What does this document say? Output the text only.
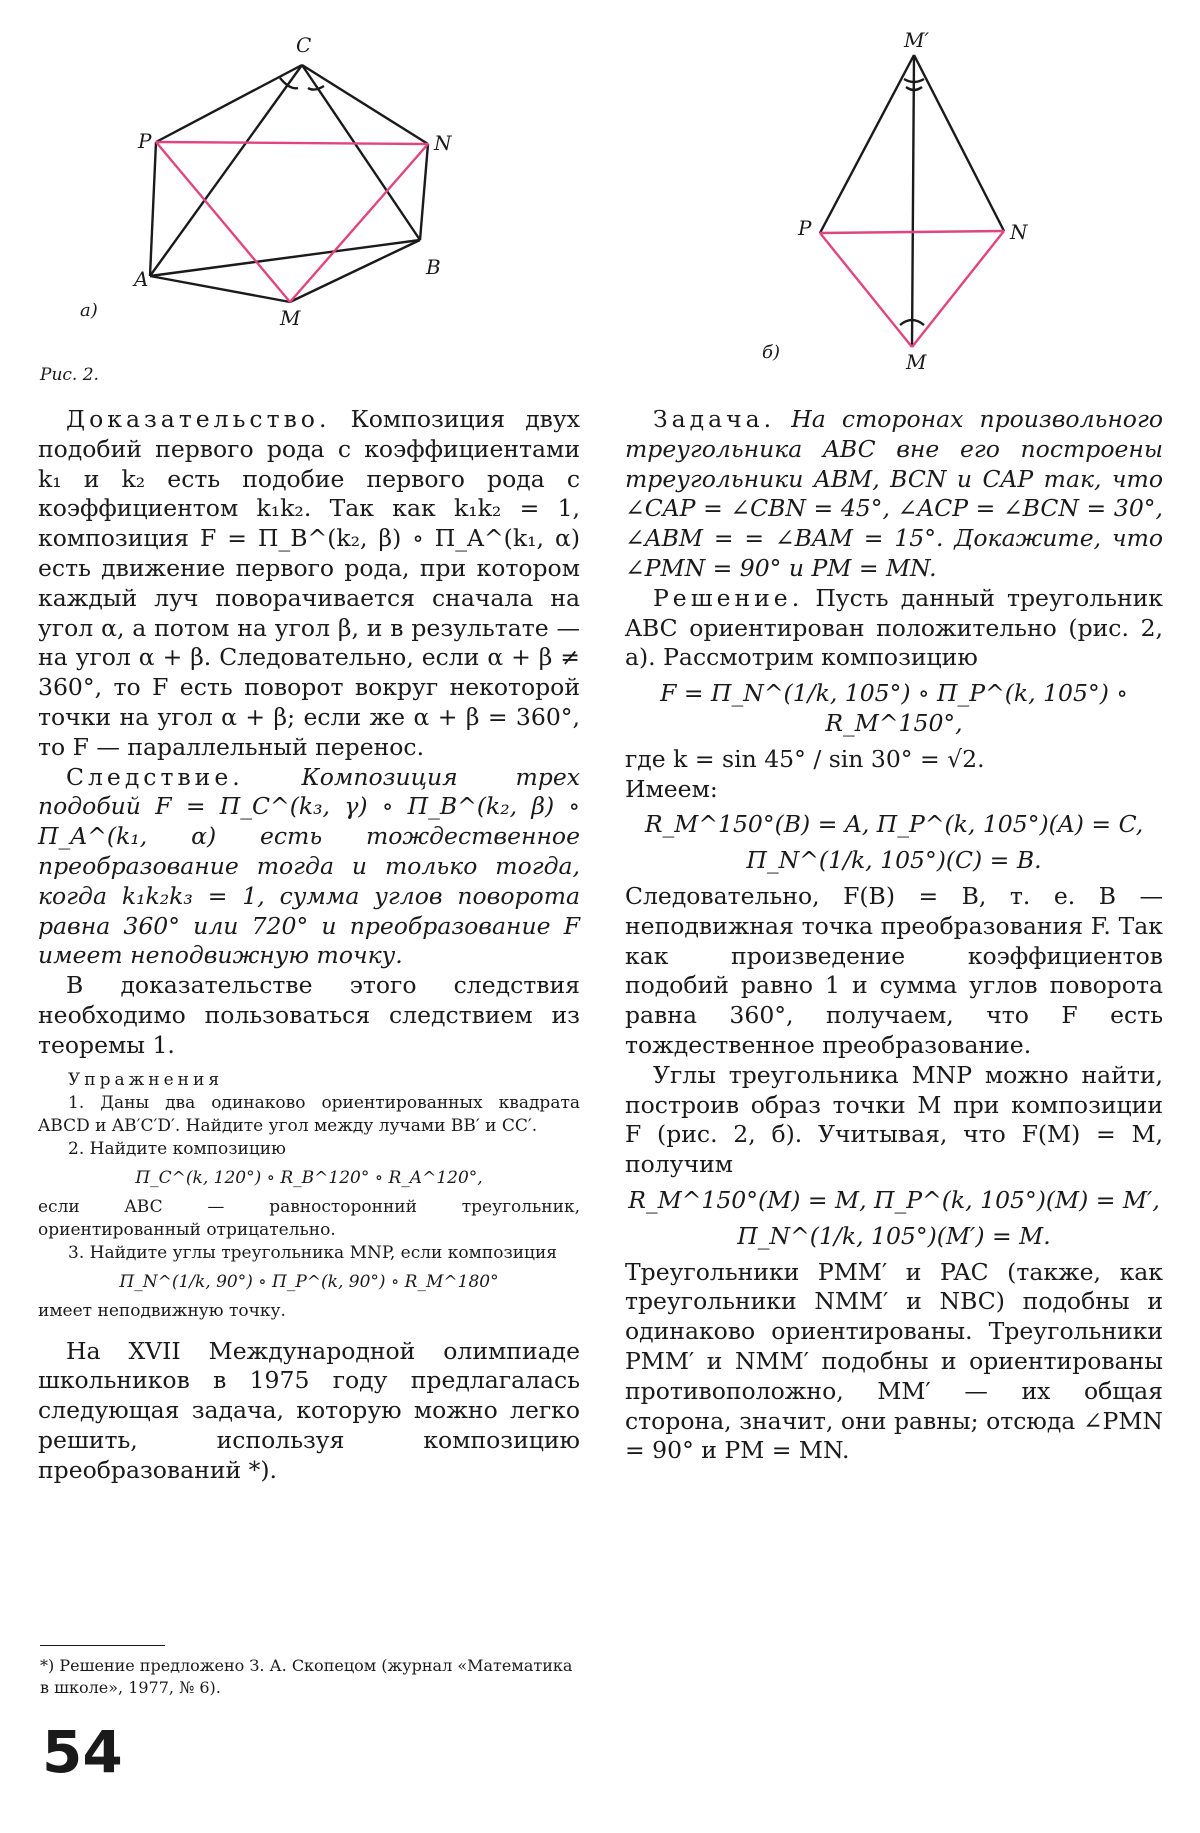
C
P	N
A	B
M
а)
Рис. 2.
M′
P	N
M
б)

Доказательство. Композиция двух подобий первого рода с коэффициентами k₁ и k₂ есть подобие первого рода с коэффициентом k₁k₂. Так как k₁k₂ = 1, композиция F = Π_B^(k₂, β) ∘ Π_A^(k₁, α) есть движение первого рода, при котором каждый луч поворачивается сначала на угол α, а потом на угол β, и в результате — на угол α + β. Следовательно, если α + β ≠ 360°, то F есть поворот вокруг некоторой точки на угол α + β; если же α + β = 360°, то F — параллельный перенос.

Следствие. Композиция трех подобий F = Π_C^(k₃, γ) ∘ Π_B^(k₂, β) ∘ Π_A^(k₁, α) есть тождественное преобразование тогда и только тогда, когда k₁k₂k₃ = 1, сумма углов поворота равна 360° или 720° и преобразование F имеет неподвижную точку.

В доказательстве этого следствия необходимо пользоваться следствием из теоремы 1.

Упражнения

1. Даны два одинаково ориентированных квадрата ABCD и AB′C′D′. Найдите угол между лучами BB′ и CC′.

2. Найдите композицию

Π_C^(k, 120°) ∘ R_B^120° ∘ R_A^120°,

если ABC — равносторонний треугольник, ориентированный отрицательно.

3. Найдите углы треугольника MNP, если композиция

Π_N^(1/k, 90°) ∘ Π_P^(k, 90°) ∘ R_M^180°

имеет неподвижную точку.

На XVII Международной олимпиаде школьников в 1975 году предлагалась следующая задача, которую можно легко решить, используя композицию преобразований *).

*) Решение предложено З. А. Скопецом (журнал «Математика в школе», 1977, № 6).
54

Задача. На сторонах произвольного треугольника ABC вне его построены треугольники ABM, BCN и CAP так, что ∠CAP = ∠CBN = 45°, ∠ACP = ∠BCN = 30°, ∠ABM = = ∠BAM = 15°. Докажите, что ∠PMN = 90° и PM = MN.

Решение. Пусть данный треугольник ABC ориентирован положительно (рис. 2, а). Рассмотрим композицию

F = Π_N^(1/k, 105°) ∘ Π_P^(k, 105°) ∘ R_M^150°,

где k = sin 45° / sin 30° = √2.

Имеем:

R_M^150°(B) = A, Π_P^(k, 105°)(A) = C,

Π_N^(1/k, 105°)(C) = B.

Следовательно, F(B) = B, т. е. B — неподвижная точка преобразования F. Так как произведение коэффициентов подобий равно 1 и сумма углов поворота равна 360°, получаем, что F есть тождественное преобразование.

Углы треугольника MNP можно найти, построив образ точки M при композиции F (рис. 2, б). Учитывая, что F(M) = M, получим

R_M^150°(M) = M, Π_P^(k, 105°)(M) = M′,

Π_N^(1/k, 105°)(M′) = M.

Треугольники PMM′ и PAC (также, как треугольники NMM′ и NBC) подобны и одинаково ориентированы. Треугольники PMM′ и NMM′ подобны и ориентированы противоположно, MM′ — их общая сторона, значит, они равны; отсюда ∠PMN = 90° и PM = MN.
